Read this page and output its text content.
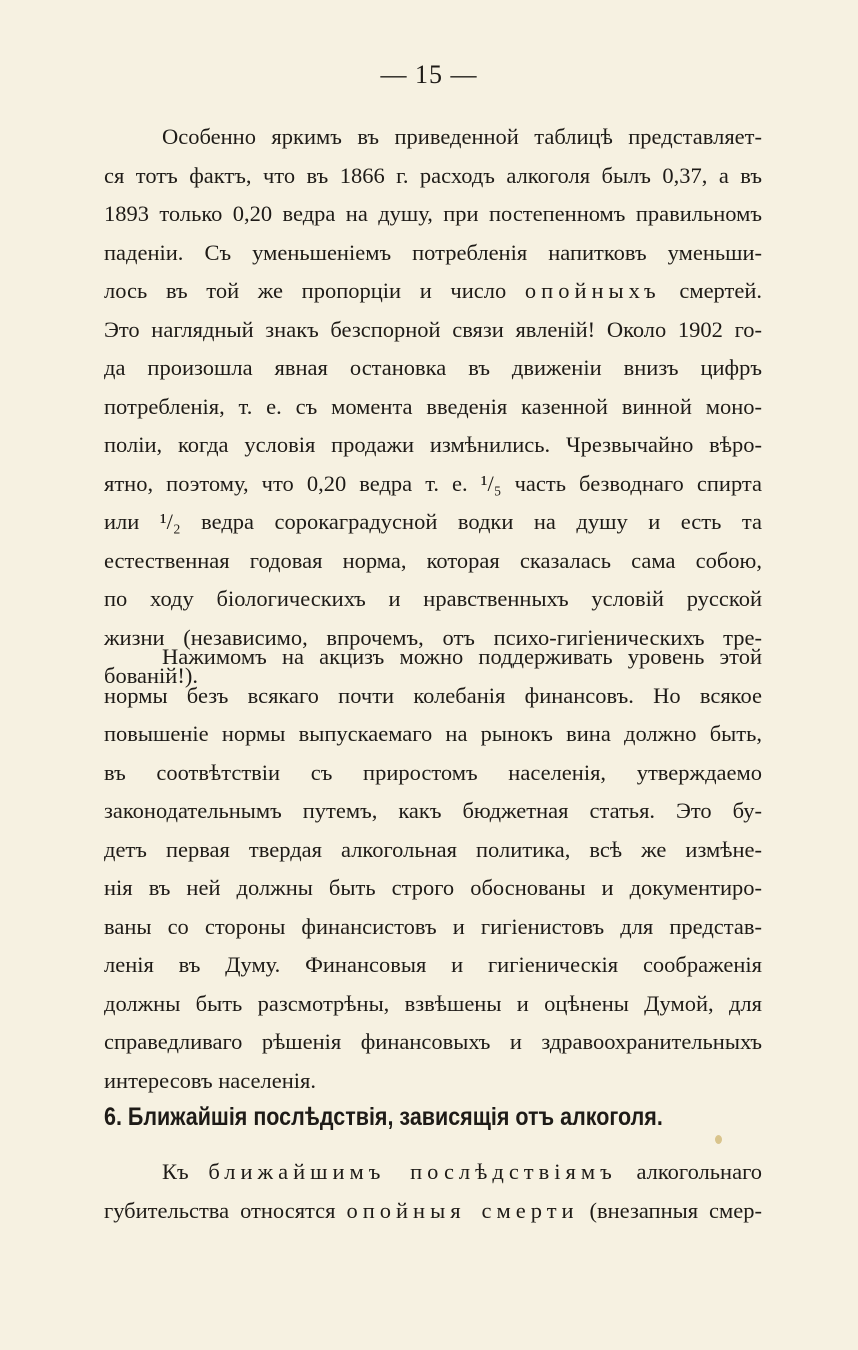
— 15 —
Особенно яркимъ въ приведенной таблицѣ представляет-
ся тотъ фактъ, что въ 1866 г. расходъ алкоголя былъ 0,37, а въ
1893 только 0,20 ведра на душу, при постепенномъ правильномъ
паденіи. Съ уменьшеніемъ потребленія напитковъ уменьши-
лось въ той же пропорціи и число опойныхъ смертей.
Это наглядный знакъ безспорной связи явленій! Около 1902 го-
да произошла явная остановка въ движеніи внизъ цифръ
потребленія, т. е. съ момента введенія казенной винной моно-
поліи, когда условія продажи измѣнились. Чрезвычайно вѣро-
ятно, поэтому, что 0,20 ведра т. е. ¹/₅ часть безводнаго спирта
или ¹/₂ ведра сорокаградусной водки на душу и есть та
естественная годовая норма, которая сказалась сама собою,
по ходу біологическихъ и нравственныхъ условій русской
жизни (независимо, впрочемъ, отъ психо-гигіеническихъ тре-
бованій!).
Нажимомъ на акцизъ можно поддерживать уровень этой
нормы безъ всякаго почти колебанія финансовъ. Но всякое
повышеніе нормы выпускаемаго на рынокъ вина должно быть,
въ соотвѣтствіи съ приростомъ населенія, утверждаемо
законодательнымъ путемъ, какъ бюджетная статья. Это бу-
детъ первая твердая алкогольная политика, всѣ же измѣне-
нія въ ней должны быть строго обоснованы и документиро-
ваны со стороны финансистовъ и гигіенистовъ для представ-
ленія въ Думу. Финансовыя и гигіеническія соображенія
должны быть разсмотрѣны, взвѣшены и оцѣнены Думой, для
справедливаго рѣшенія финансовыхъ и здравоохранительныхъ
интересовъ населенія.
6. Ближайшія послѣдствія, зависящія отъ алкоголя.
Къ ближайшимъ послѣдствіямъ алкогольнаго
губительства относятся опойныя смерти (внезапныя смер-
